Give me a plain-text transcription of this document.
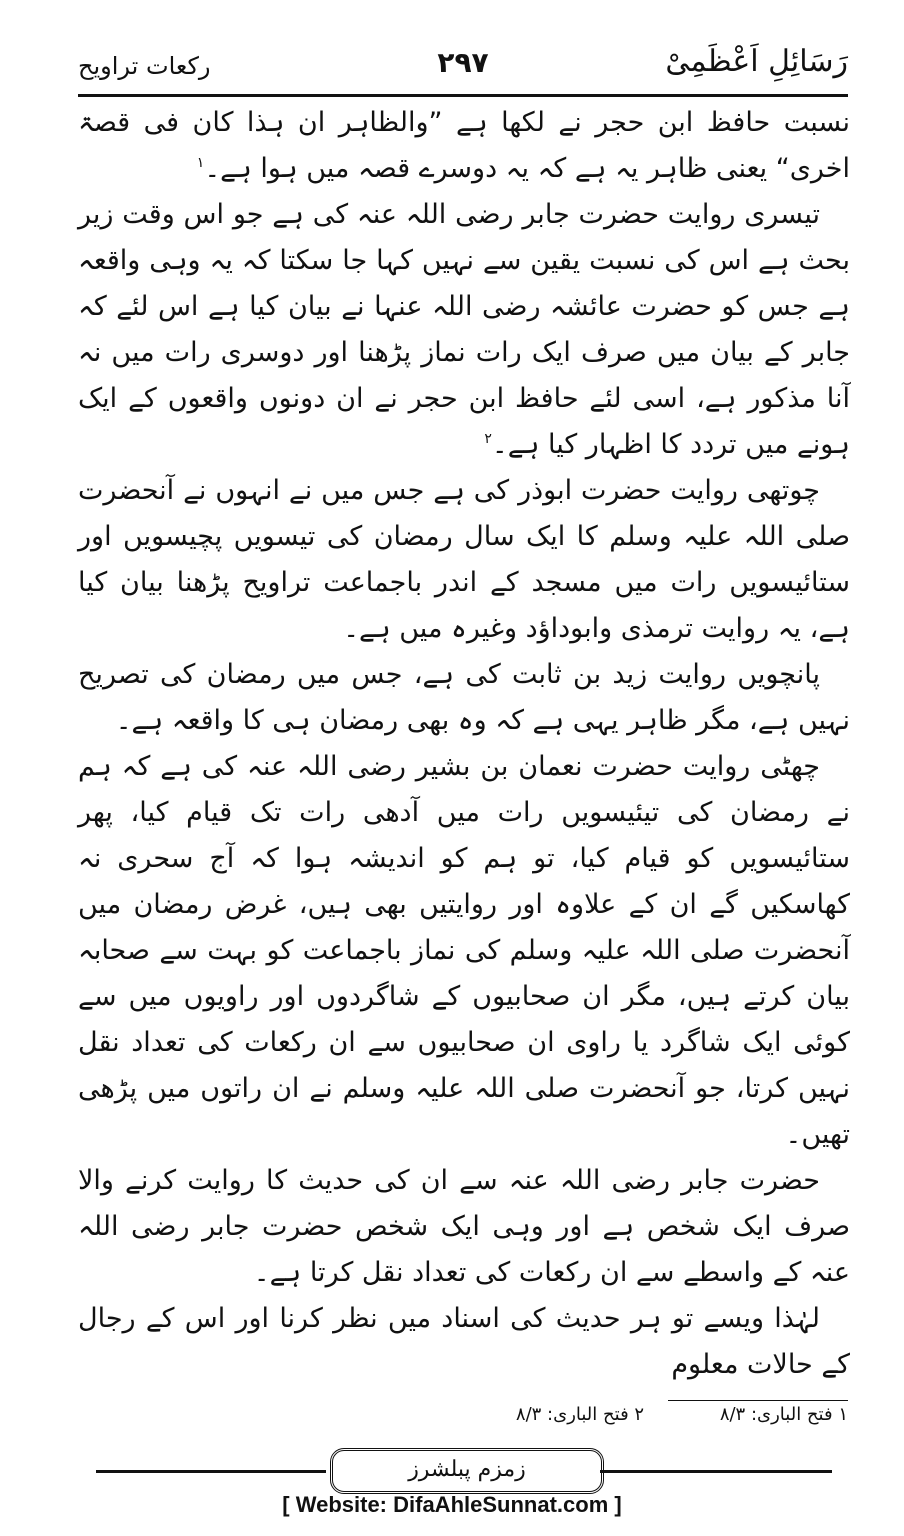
رکعات تراویح	۲۹۷	رَسَائِلِ اَعْظَمِیْ

نسبت حافظ ابن حجر نے لکھا ہے ”والظاہر ان ہذا کان فی قصۃ اخری“ یعنی ظاہر یہ ہے کہ یہ دوسرے قصہ میں ہوا ہے۔$^۱$

تیسری روایت حضرت جابر رضی اللہ عنہ کی ہے جو اس وقت زیر بحث ہے اس کی نسبت یقین سے نہیں کہا جا سکتا کہ یہ وہی واقعہ ہے جس کو حضرت عائشہ رضی اللہ عنہا نے بیان کیا ہے اس لئے کہ جابر کے بیان میں صرف ایک رات نماز پڑھنا اور دوسری رات میں نہ آنا مذکور ہے، اسی لئے حافظ ابن حجر نے ان دونوں واقعوں کے ایک ہونے میں تردد کا اظہار کیا ہے۔$^۲$

چوتھی روایت حضرت ابوذر کی ہے جس میں نے انہوں نے آنحضرت صلی اللہ علیہ وسلم کا ایک سال رمضان کی تیسویں پچیسویں اور ستائیسویں رات میں مسجد کے اندر باجماعت تراویح پڑھنا بیان کیا ہے، یہ روایت ترمذی وابوداؤد وغیرہ میں ہے۔

پانچویں روایت زید بن ثابت کی ہے، جس میں رمضان کی تصریح نہیں ہے، مگر ظاہر یہی ہے کہ وہ بھی رمضان ہی کا واقعہ ہے۔

چھٹی روایت حضرت نعمان بن بشیر رضی اللہ عنہ کی ہے کہ ہم نے رمضان کی تیئیسویں رات میں آدھی رات تک قیام کیا، پھر ستائیسویں کو قیام کیا، تو ہم کو اندیشہ ہوا کہ آج سحری نہ کھاسکیں گے ان کے علاوہ اور روایتیں بھی ہیں، غرض رمضان میں آنحضرت صلی اللہ علیہ وسلم کی نماز باجماعت کو بہت سے صحابہ بیان کرتے ہیں، مگر ان صحابیوں کے شاگردوں اور راویوں میں سے کوئی ایک شاگرد یا راوی ان صحابیوں سے ان رکعات کی تعداد نقل نہیں کرتا، جو آنحضرت صلی اللہ علیہ وسلم نے ان راتوں میں پڑھی تھیں۔

حضرت جابر رضی اللہ عنہ سے ان کی حدیث کا روایت کرنے والا صرف ایک شخص ہے اور وہی ایک شخص حضرت جابر رضی اللہ عنہ کے واسطے سے ان رکعات کی تعداد نقل کرتا ہے۔

لہٰذا ویسے تو ہر حدیث کی اسناد میں نظر کرنا اور اس کے رجال کے حالات معلوم

۱ فتح الباری: ۸/۳ ۲ فتح الباری: ۸/۳
زمزم پبلشرز
[ Website: DifaAhleSunnat.com ]
